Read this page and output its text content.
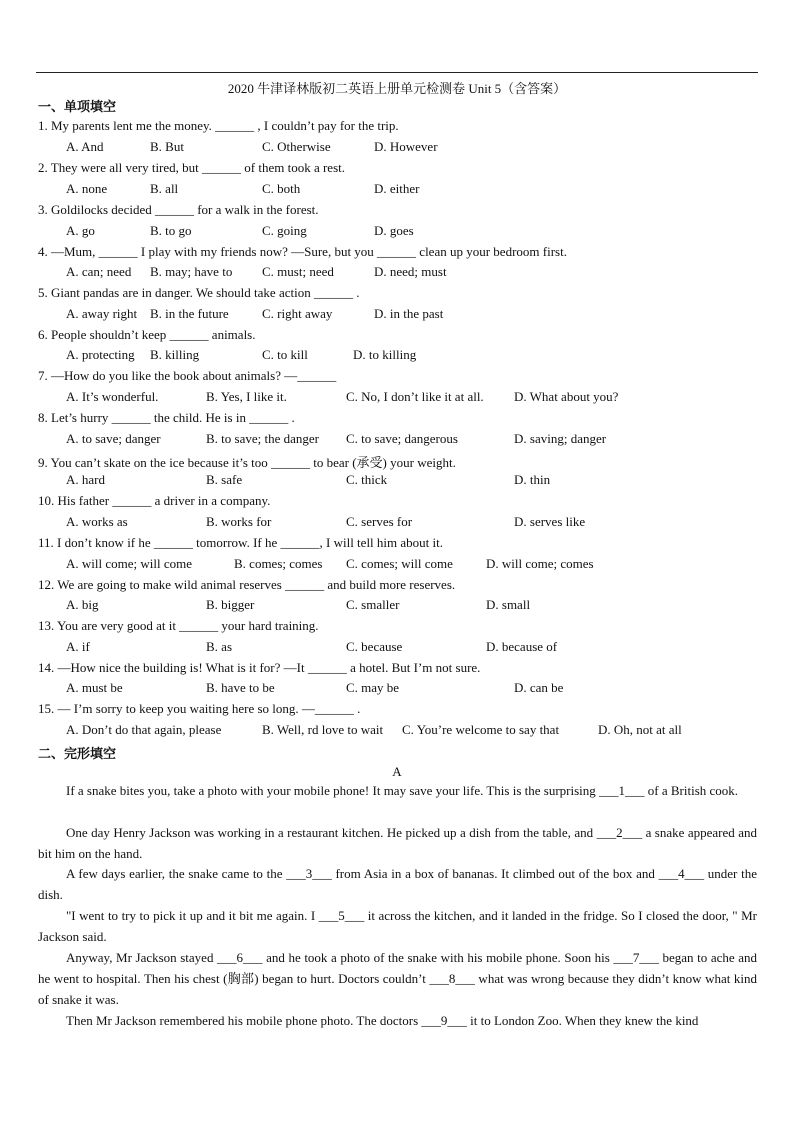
2020 牛津译林版初二英语上册单元检测卷 Unit 5（含答案）
一、单项填空
1. My parents lent me the money. ______ , I couldn’t pay for the trip.
A. And	B. But	C. Otherwise	D. However
2. They were all very tired, but ______ of them took a rest.
A. none	B. all	C. both	D. either
3. Goldilocks decided ______ for a walk in the forest.
A. go	B. to go	C. going	D. goes
4. —Mum, ______ I play with my friends now? —Sure, but you ______ clean up your bedroom first.
A. can; need B. may; have to C. must; need	D. need; must
5. Giant pandas are in danger. We should take action ______ .
A. away right B. in the future	C. right away	D. in the past
6. People shouldn’t keep ______ animals.
A. protecting B. killing	C. to kill	D. to killing
7. —How do you like the book about animals? —______
A. It’s wonderful.	B. Yes, I like it.	C. No, I don’t like it at all. D. What about you?
8. Let’s hurry ______ the child. He is in ______ .
A. to save; danger	B. to save; the danger C. to save; dangerous	D. saving; danger
9. You can’t skate on the ice because it’s too ______ to bear (承受) your weight.
A. hard	B. safe	C. thick	D. thin
10. His father ______ a driver in a company.
A. works as	B. works for	C. serves for	D. serves like
11. I don’t know if he ______ tomorrow. If he ______, I will tell him about it.
A. will come; will come	B. comes; comes C. comes; will come	D. will come; comes
12. We are going to make wild animal reserves ______ and build more reserves.
A. big	B. bigger	C. smaller	D. small
13. You are very good at it ______ your hard training.
A. if	B. as	C. because	D. because of
14. —How nice the building is! What is it for? —It ______ a hotel. But I’m not sure.
A. must be	B. have to be	C. may be	D. can be
15. — I’m sorry to keep you waiting here so long. —______ .
A. Don’t do that again, please	B. Well, rd love to wait C. You’re welcome to say that	D. Oh, not at all
二、完形填空
A

If a snake bites you, take a photo with your mobile phone! It may save your life. This is the surprising ___1___ of a British cook.

One day Henry Jackson was working in a restaurant kitchen. He picked up a dish from the table, and ___2___ a snake appeared and bit him on the hand.

A few days earlier, the snake came to the ___3___ from Asia in a box of bananas. It climbed out of the box and ___4___ under the dish.

"I went to try to pick it up and it bit me again. I ___5___ it across the kitchen, and it landed in the fridge. So I closed the door, " Mr Jackson said.

Anyway, Mr Jackson stayed ___6___ and he took a photo of the snake with his mobile phone. Soon his ___7___ began to ache and he went to hospital. Then his chest (胸部) began to hurt. Doctors couldn’t ___8___ what was wrong because they didn’t know what kind of snake it was.

Then Mr Jackson remembered his mobile phone photo. The doctors ___9___ it to London Zoo. When they knew the kind
